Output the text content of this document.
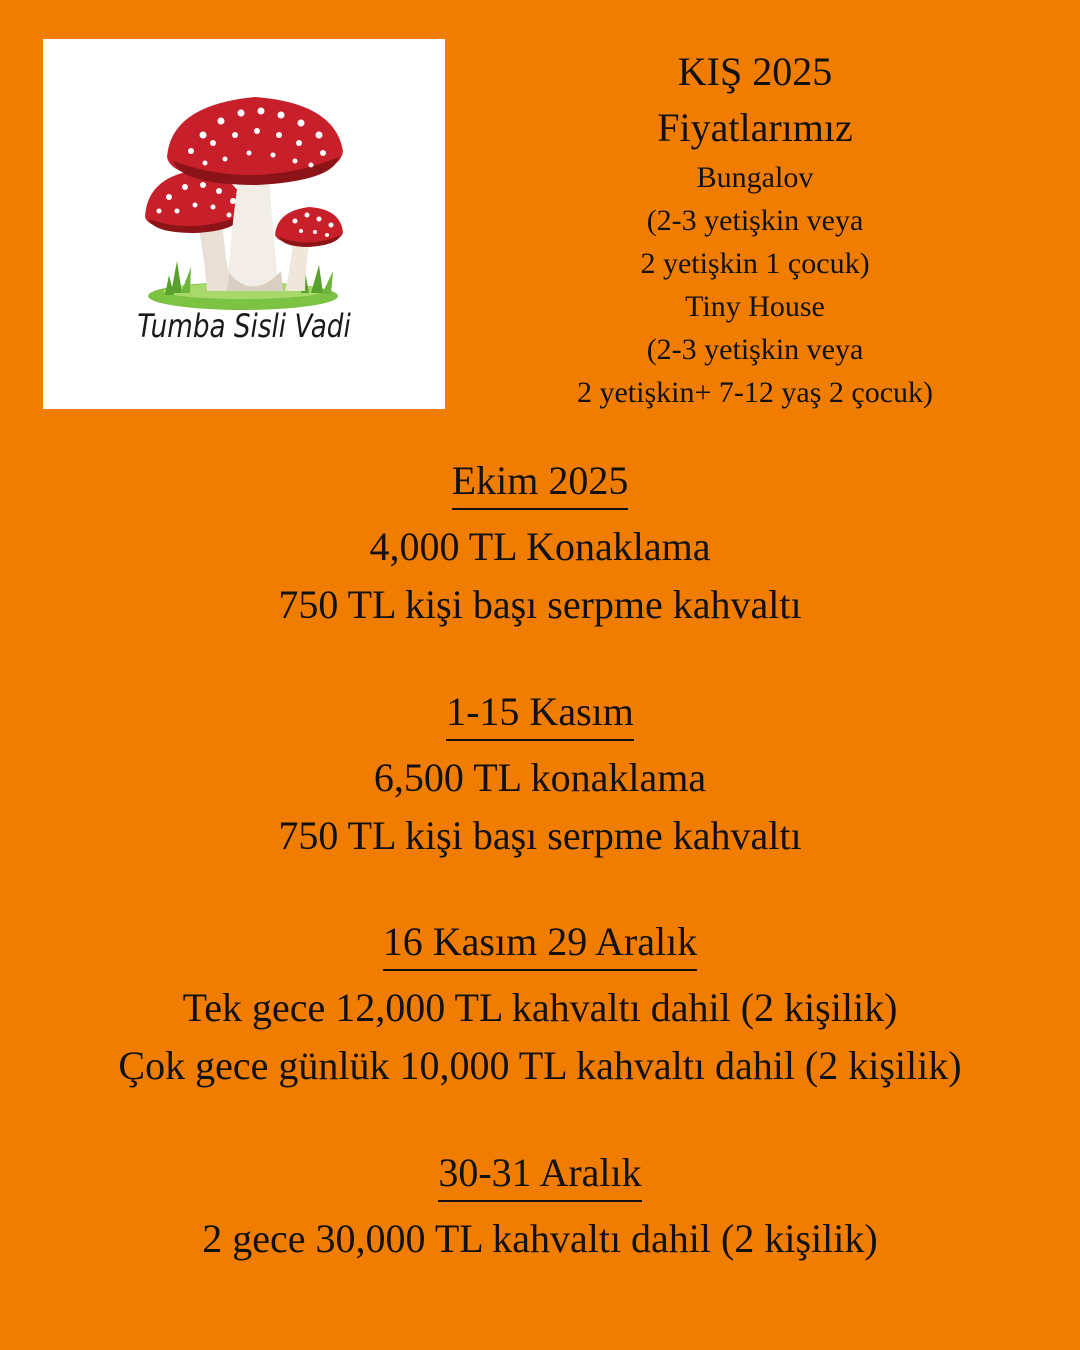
Tumba Sisli Vadi

KIŞ 2025

Fiyatlarımız

Bungalov

(2-3 yetişkin veya

2 yetişkin 1 çocuk)

Tiny House

(2-3 yetişkin veya

2 yetişkin+ 7-12 yaş 2 çocuk)

Ekim 2025

4,000 TL Konaklama

750 TL kişi başı serpme kahvaltı

1-15 Kasım

6,500 TL konaklama

750 TL kişi başı serpme kahvaltı

16 Kasım 29 Aralık

Tek gece 12,000 TL kahvaltı dahil (2 kişilik)

Çok gece günlük 10,000 TL kahvaltı dahil (2 kişilik)

30-31 Aralık

2 gece 30,000 TL kahvaltı dahil (2 kişilik)
